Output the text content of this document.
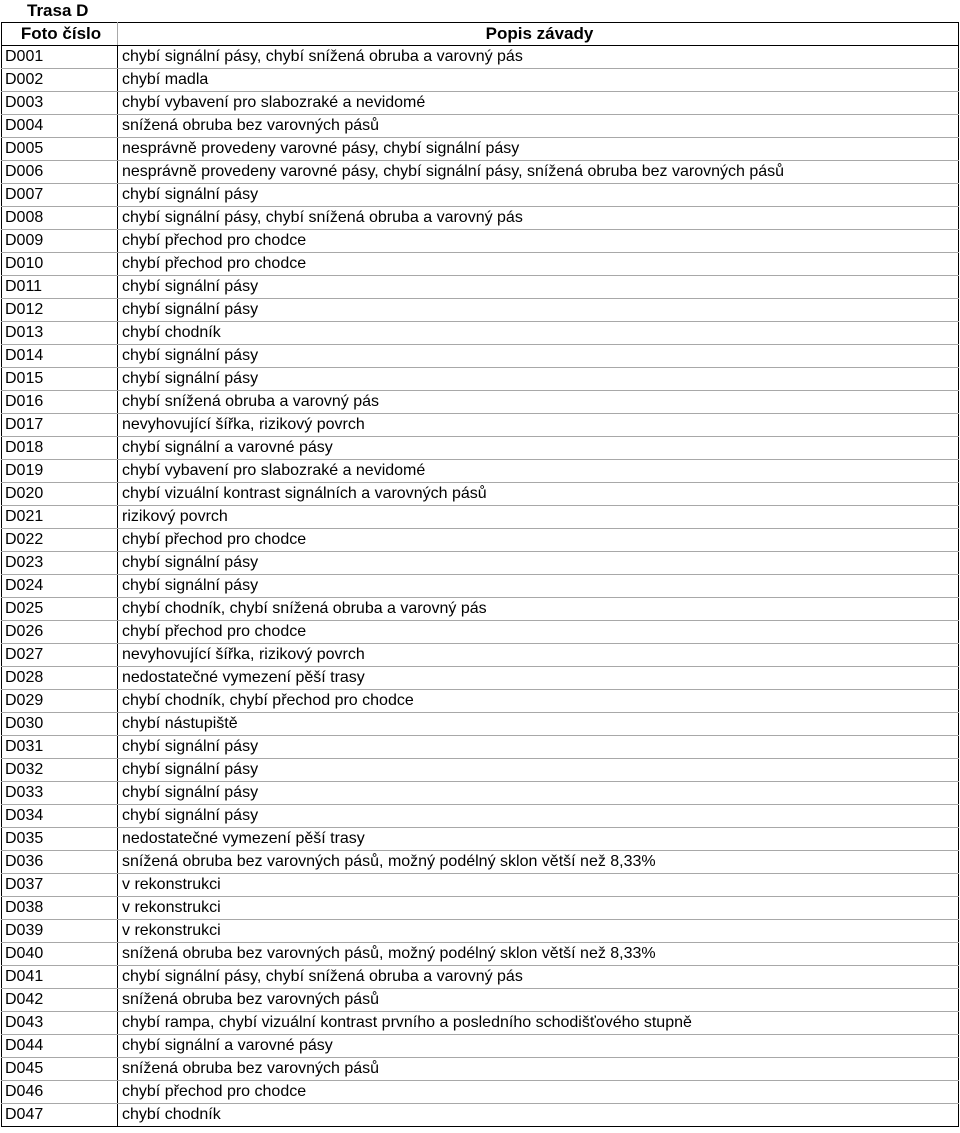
Trasa D
Foto číslo	Popis závady
D001	chybí signální pásy, chybí snížená obruba a varovný pás
D002	chybí madla
D003	chybí vybavení pro slabozraké a nevidomé
D004	snížená obruba bez varovných pásů
D005	nesprávně provedeny varovné pásy, chybí signální pásy
D006	nesprávně provedeny varovné pásy, chybí signální pásy, snížená obruba bez varovných pásů
D007	chybí signální pásy
D008	chybí signální pásy, chybí snížená obruba a varovný pás
D009	chybí přechod pro chodce
D010	chybí přechod pro chodce
D011	chybí signální pásy
D012	chybí signální pásy
D013	chybí chodník
D014	chybí signální pásy
D015	chybí signální pásy
D016	chybí snížená obruba a varovný pás
D017	nevyhovující šířka, rizikový povrch
D018	chybí signální a varovné pásy
D019	chybí vybavení pro slabozraké a nevidomé
D020	chybí vizuální kontrast signálních a varovných pásů
D021	rizikový povrch
D022	chybí přechod pro chodce
D023	chybí signální pásy
D024	chybí signální pásy
D025	chybí chodník, chybí snížená obruba a varovný pás
D026	chybí přechod pro chodce
D027	nevyhovující šířka, rizikový povrch
D028	nedostatečné vymezení pěší trasy
D029	chybí chodník, chybí přechod pro chodce
D030	chybí nástupiště
D031	chybí signální pásy
D032	chybí signální pásy
D033	chybí signální pásy
D034	chybí signální pásy
D035	nedostatečné vymezení pěší trasy
D036	snížená obruba bez varovných pásů, možný podélný sklon větší než 8,33%
D037	v rekonstrukci
D038	v rekonstrukci
D039	v rekonstrukci
D040	snížená obruba bez varovných pásů, možný podélný sklon větší než 8,33%
D041	chybí signální pásy, chybí snížená obruba a varovný pás
D042	snížená obruba bez varovných pásů
D043	chybí rampa, chybí vizuální kontrast prvního a posledního schodišťového stupně
D044	chybí signální a varovné pásy
D045	snížená obruba bez varovných pásů
D046	chybí přechod pro chodce
D047	chybí chodník
